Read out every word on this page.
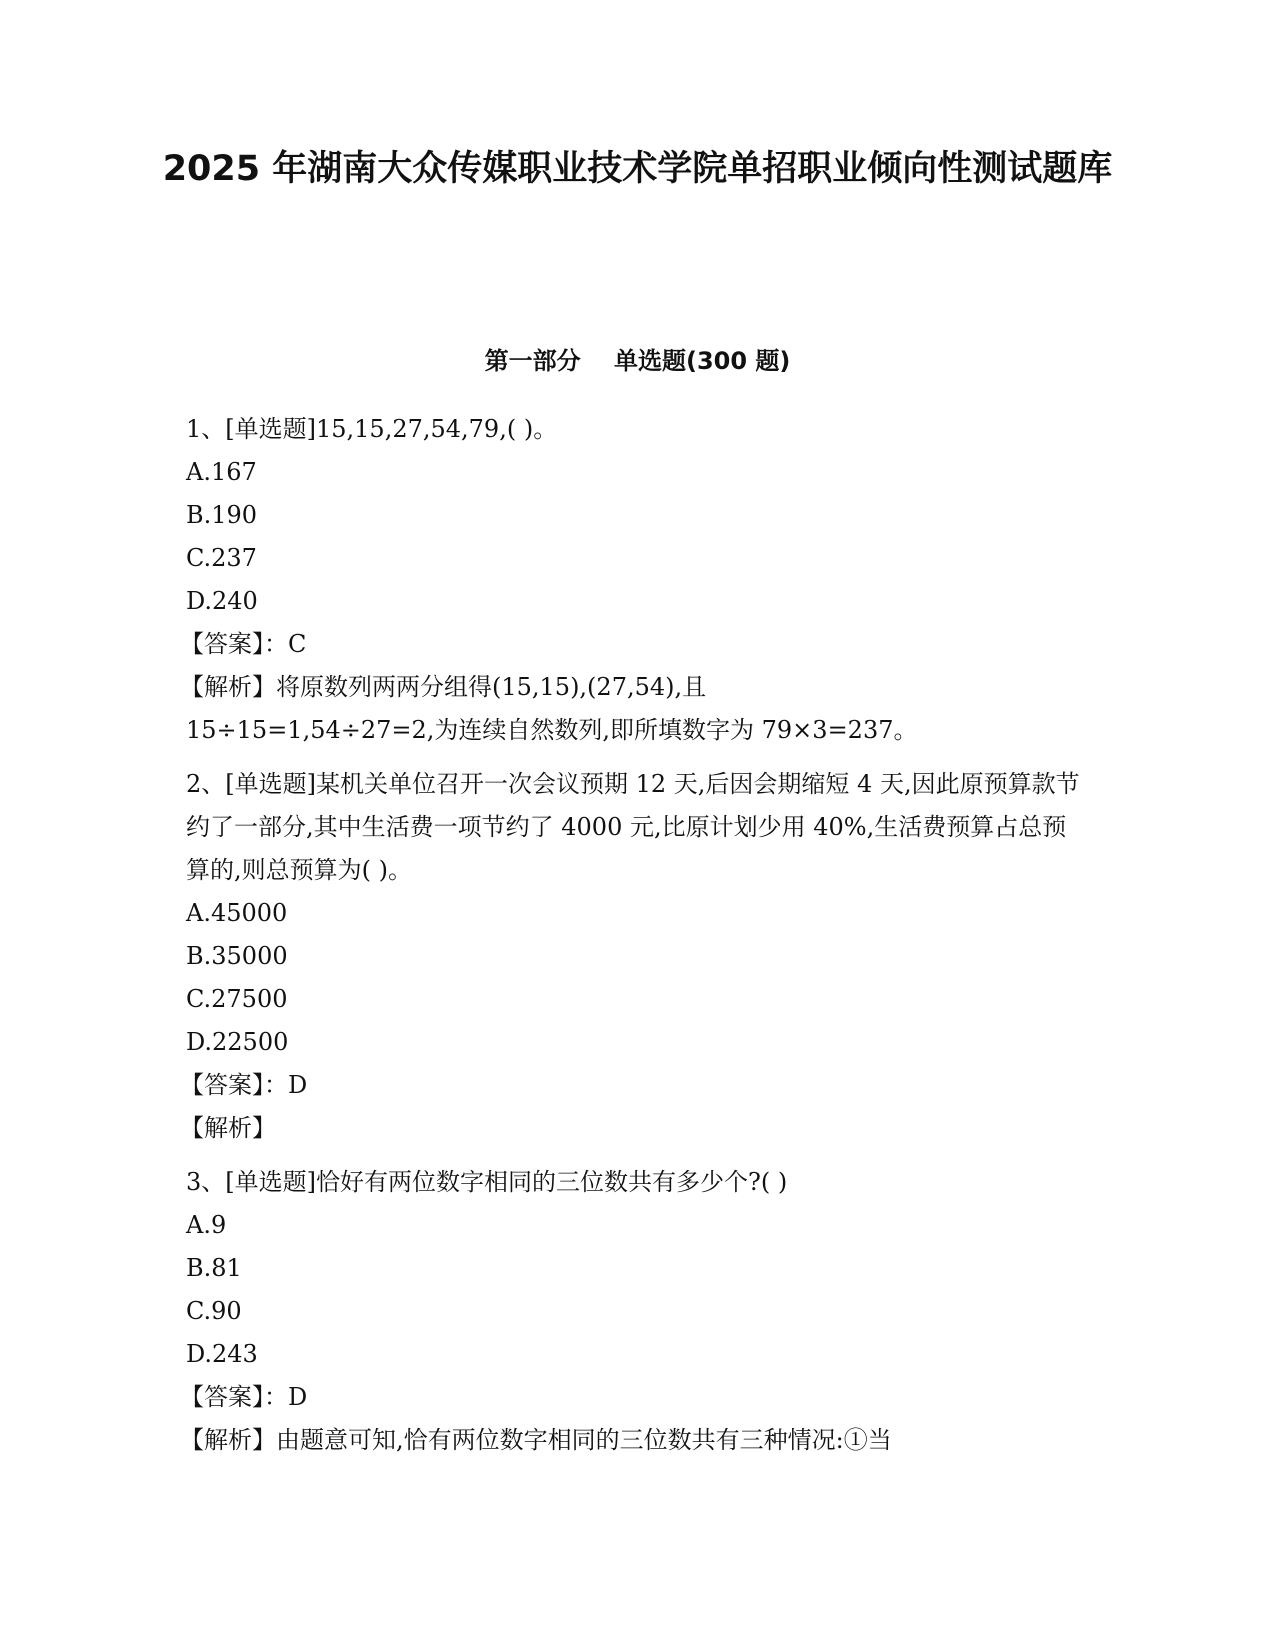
2025 年湖南大众传媒职业技术学院单招职业倾向性测试题库
第一部分    单选题(300 题)
1、[单选题]15,15,27,54,79,( )。
A.167
B.190
C.237
D.240
【答案】：C
【解析】将原数列两两分组得(15,15),(27,54),且 15÷15=1,54÷27=2,为连续自然数列,即所填数字为 79×3=237。
2、[单选题]某机关单位召开一次会议预期 12 天,后因会期缩短 4 天,因此原预算款节约了一部分,其中生活费一项节约了 4000 元,比原计划少用 40%,生活费预算占总预算的,则总预算为( )。
A.45000
B.35000
C.27500
D.22500
【答案】：D
【解析】
3、[单选题]恰好有两位数字相同的三位数共有多少个?( )
A.9
B.81
C.90
D.243
【答案】：D
【解析】由题意可知,恰有两位数字相同的三位数共有三种情况:①当
